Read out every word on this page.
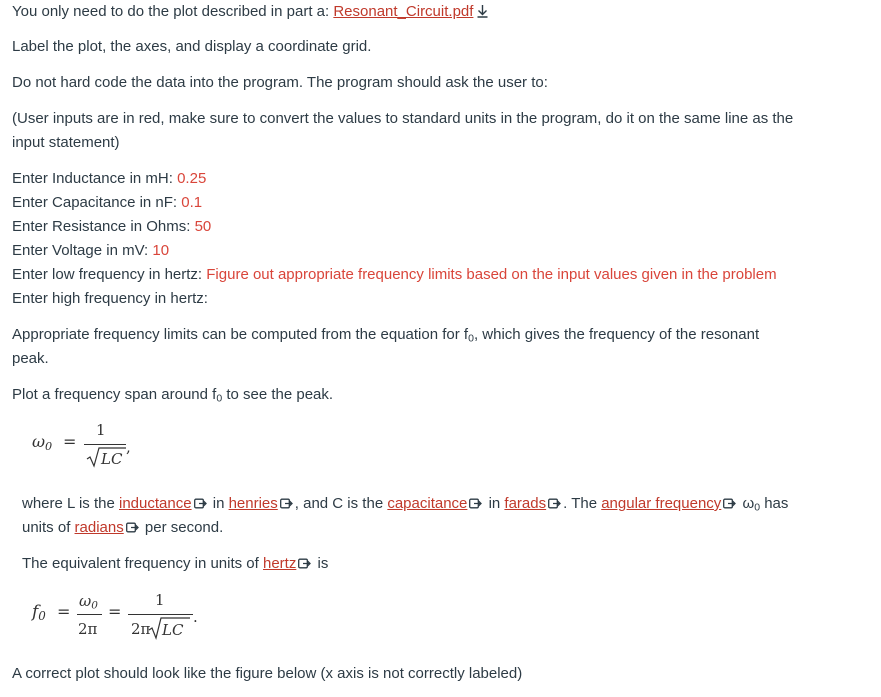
You only need to do the plot described in part a: Resonant_Circuit.pdf
Label the plot, the axes, and display a coordinate grid.
Do not hard code the data into the program. The program should ask the user to:
(User inputs are in red, make sure to convert the values to standard units in the program, do it on the same line as the
input statement)
Enter Inductance in mH: 0.25
Enter Capacitance in nF: 0.1
Enter Resistance in Ohms: 50
Enter Voltage in mV: 10
Enter low frequency in hertz: Figure out appropriate frequency limits based on the input values given in the problem
Enter high frequency in hertz:
Appropriate frequency limits can be computed from the equation for $f_0$, which gives the frequency of the resonant
peak.
Plot a frequency span around $f_0$ to see the peak.
$\omega_0$ =
1
LC
,
where L is the inductance in henries , and C is the capacitance in farads . The angular frequency $\omega_0$ has
units of radians per second.
The equivalent frequency in units of hertz is
$f_0$ =
$\omega_0$
2π
=
1
2π LC
.
A correct plot should look like the figure below (x axis is not correctly labeled)
